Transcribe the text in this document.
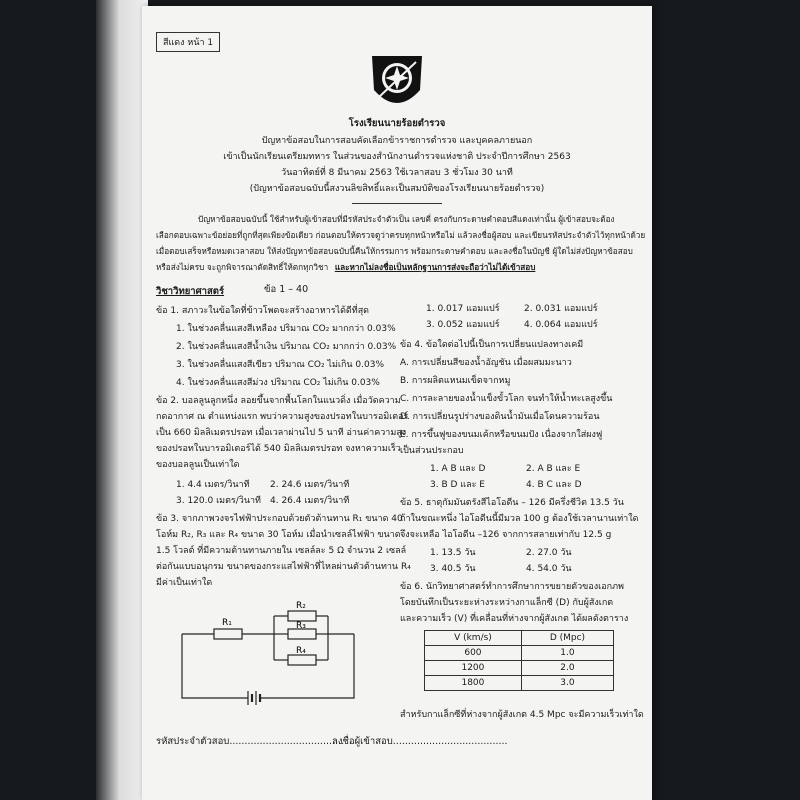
สีแดง หน้า 1
โรงเรียนนายร้อยตำรวจ
ปัญหาข้อสอบในการสอบคัดเลือกข้าราชการตำรวจ และบุคคลภายนอก
เข้าเป็นนักเรียนเตรียมทหาร ในส่วนของสำนักงานตำรวจแห่งชาติ ประจำปีการศึกษา 2563
วันอาทิตย์ที่ 8 มีนาคม 2563 ใช้เวลาสอบ 3 ชั่วโมง 30 นาที
(ปัญหาข้อสอบฉบับนี้สงวนลิขสิทธิ์และเป็นสมบัติของโรงเรียนนายร้อยตำรวจ)
ปัญหาข้อสอบฉบับนี้ ใช้สำหรับผู้เข้าสอบที่มีรหัสประจำตัวเป็น เลขคี่ ตรงกับกระดาษคำตอบสีแดงเท่านั้น ผู้เข้าสอบจะต้อง
เลือกตอบเฉพาะข้อย่อยที่ถูกที่สุดเพียงข้อเดียว ก่อนตอบให้ตรวจดูว่าครบทุกหน้าหรือไม่ แล้วลงชื่อผู้สอบ และเขียนรหัสประจำตัวไว้ทุกหน้าด้วย
เมื่อตอบเสร็จหรือหมดเวลาสอบ ให้ส่งปัญหาข้อสอบฉบับนี้คืนให้กรรมการ พร้อมกระดาษคำตอบ และลงชื่อในบัญชี ผู้ใดไม่ส่งปัญหาข้อสอบ
หรือส่งไม่ครบ จะถูกพิจารณาตัดสิทธิ์ให้ตกทุกวิชา และหากไม่ลงชื่อเป็นหลักฐานการส่งจะถือว่าไม่ได้เข้าสอบ
วิชาวิทยาศาสตร์	ข้อ 1 – 40
ข้อ 1. สภาวะในข้อใดที่ข้าวโพดจะสร้างอาหารได้ดีที่สุด
1. ในช่วงคลื่นแสงสีเหลือง ปริมาณ CO₂ มากกว่า 0.03%
2. ในช่วงคลื่นแสงสีน้ำเงิน ปริมาณ CO₂ มากกว่า 0.03%
3. ในช่วงคลื่นแสงสีเขียว ปริมาณ CO₂ ไม่เกิน 0.03%
4. ในช่วงคลื่นแสงสีม่วง ปริมาณ CO₂ ไม่เกิน 0.03%
ข้อ 2. บอลลูนลูกหนึ่ง ลอยขึ้นจากพื้นโลกในแนวดิ่ง เมื่อวัดความ
กดอากาศ ณ ตำแหน่งแรก พบว่าความสูงของปรอทในบารอมิเตอร์
เป็น 660 มิลลิเมตรปรอท เมื่อเวลาผ่านไป 5 นาที อ่านค่าความสูง
ของปรอทในบารอมิเตอร์ได้ 540 มิลลิเมตรปรอท จงหาความเร็ว
ของบอลลูนเป็นเท่าใด
1. 4.4 เมตร/วินาที 2. 24.6 เมตร/วินาที
3. 120.0 เมตร/วินาที 4. 26.4 เมตร/วินาที
ข้อ 3. จากภาพวงจรไฟฟ้าประกอบด้วยตัวต้านทาน R₁ ขนาด 40
โอห์ม R₂, R₃ และ R₄ ขนาด 30 โอห์ม เมื่อนำเซลล์ไฟฟ้า ขนาด
1.5 โวลต์ ที่มีความต้านทานภายใน เซลล์ละ 5 Ω จำนวน 2 เซลล์
ต่อกันแบบอนุกรม ขนาดของกระแสไฟฟ้าที่ไหลผ่านตัวต้านทาน R₄
มีค่าเป็นเท่าใด
R₁
R₂
R₃
R₄
1. 0.017 แอมแปร์	2. 0.031 แอมแปร์
3. 0.052 แอมแปร์	4. 0.064 แอมแปร์
ข้อ 4. ข้อใดต่อไปนี้เป็นการเปลี่ยนแปลงทางเคมี
A. การเปลี่ยนสีของน้ำอัญชัน เมื่อผสมมะนาว
B. การผลิตแหนมเข็ดจากหมู
C. การละลายของน้ำแข็งขั้วโลก จนทำให้น้ำทะเลสูงขึ้น
D. การเปลี่ยนรูปร่างของดินน้ำมันเมื่อโดนความร้อน
E. การขึ้นฟูของขนมเค้กหรือขนมปัง เนื่องจากใส่ผงฟู
เป็นส่วนประกอบ
1. A B และ D	2. A B และ E
3. B D และ E	4. B C และ D
ข้อ 5. ธาตุกัมมันตรังสีไอโอดีน – 126 มีครึ่งชีวิต 13.5 วัน
ถ้าในขณะหนึ่ง ไอโอดีนนี้มีมวล 100 g ต้องใช้เวลานานเท่าใด
จึงจะเหลือ ไอโอดีน –126 จากการสลายเท่ากับ 12.5 g
1. 13.5 วัน	2. 27.0 วัน
3. 40.5 วัน	4. 54.0 วัน
ข้อ 6. นักวิทยาศาสตร์ทำการศึกษาการขยายตัวของเอกภพ
โดยบันทึกเป็นระยะห่างระหว่างกาแล็กซี (D) กับผู้สังเกต
และความเร็ว (V) ที่เคลื่อนที่ห่างจากผู้สังเกต ได้ผลดังตาราง
V (km/s)	D (Mpc)
600	1.0
1200	2.0
1800	3.0
สำหรับกาแล็กซีที่ห่างจากผู้สังเกต 4.5 Mpc จะมีความเร็วเท่าใด
รหัสประจำตัวสอบ......................................
ลงชื่อผู้เข้าสอบ......................................
